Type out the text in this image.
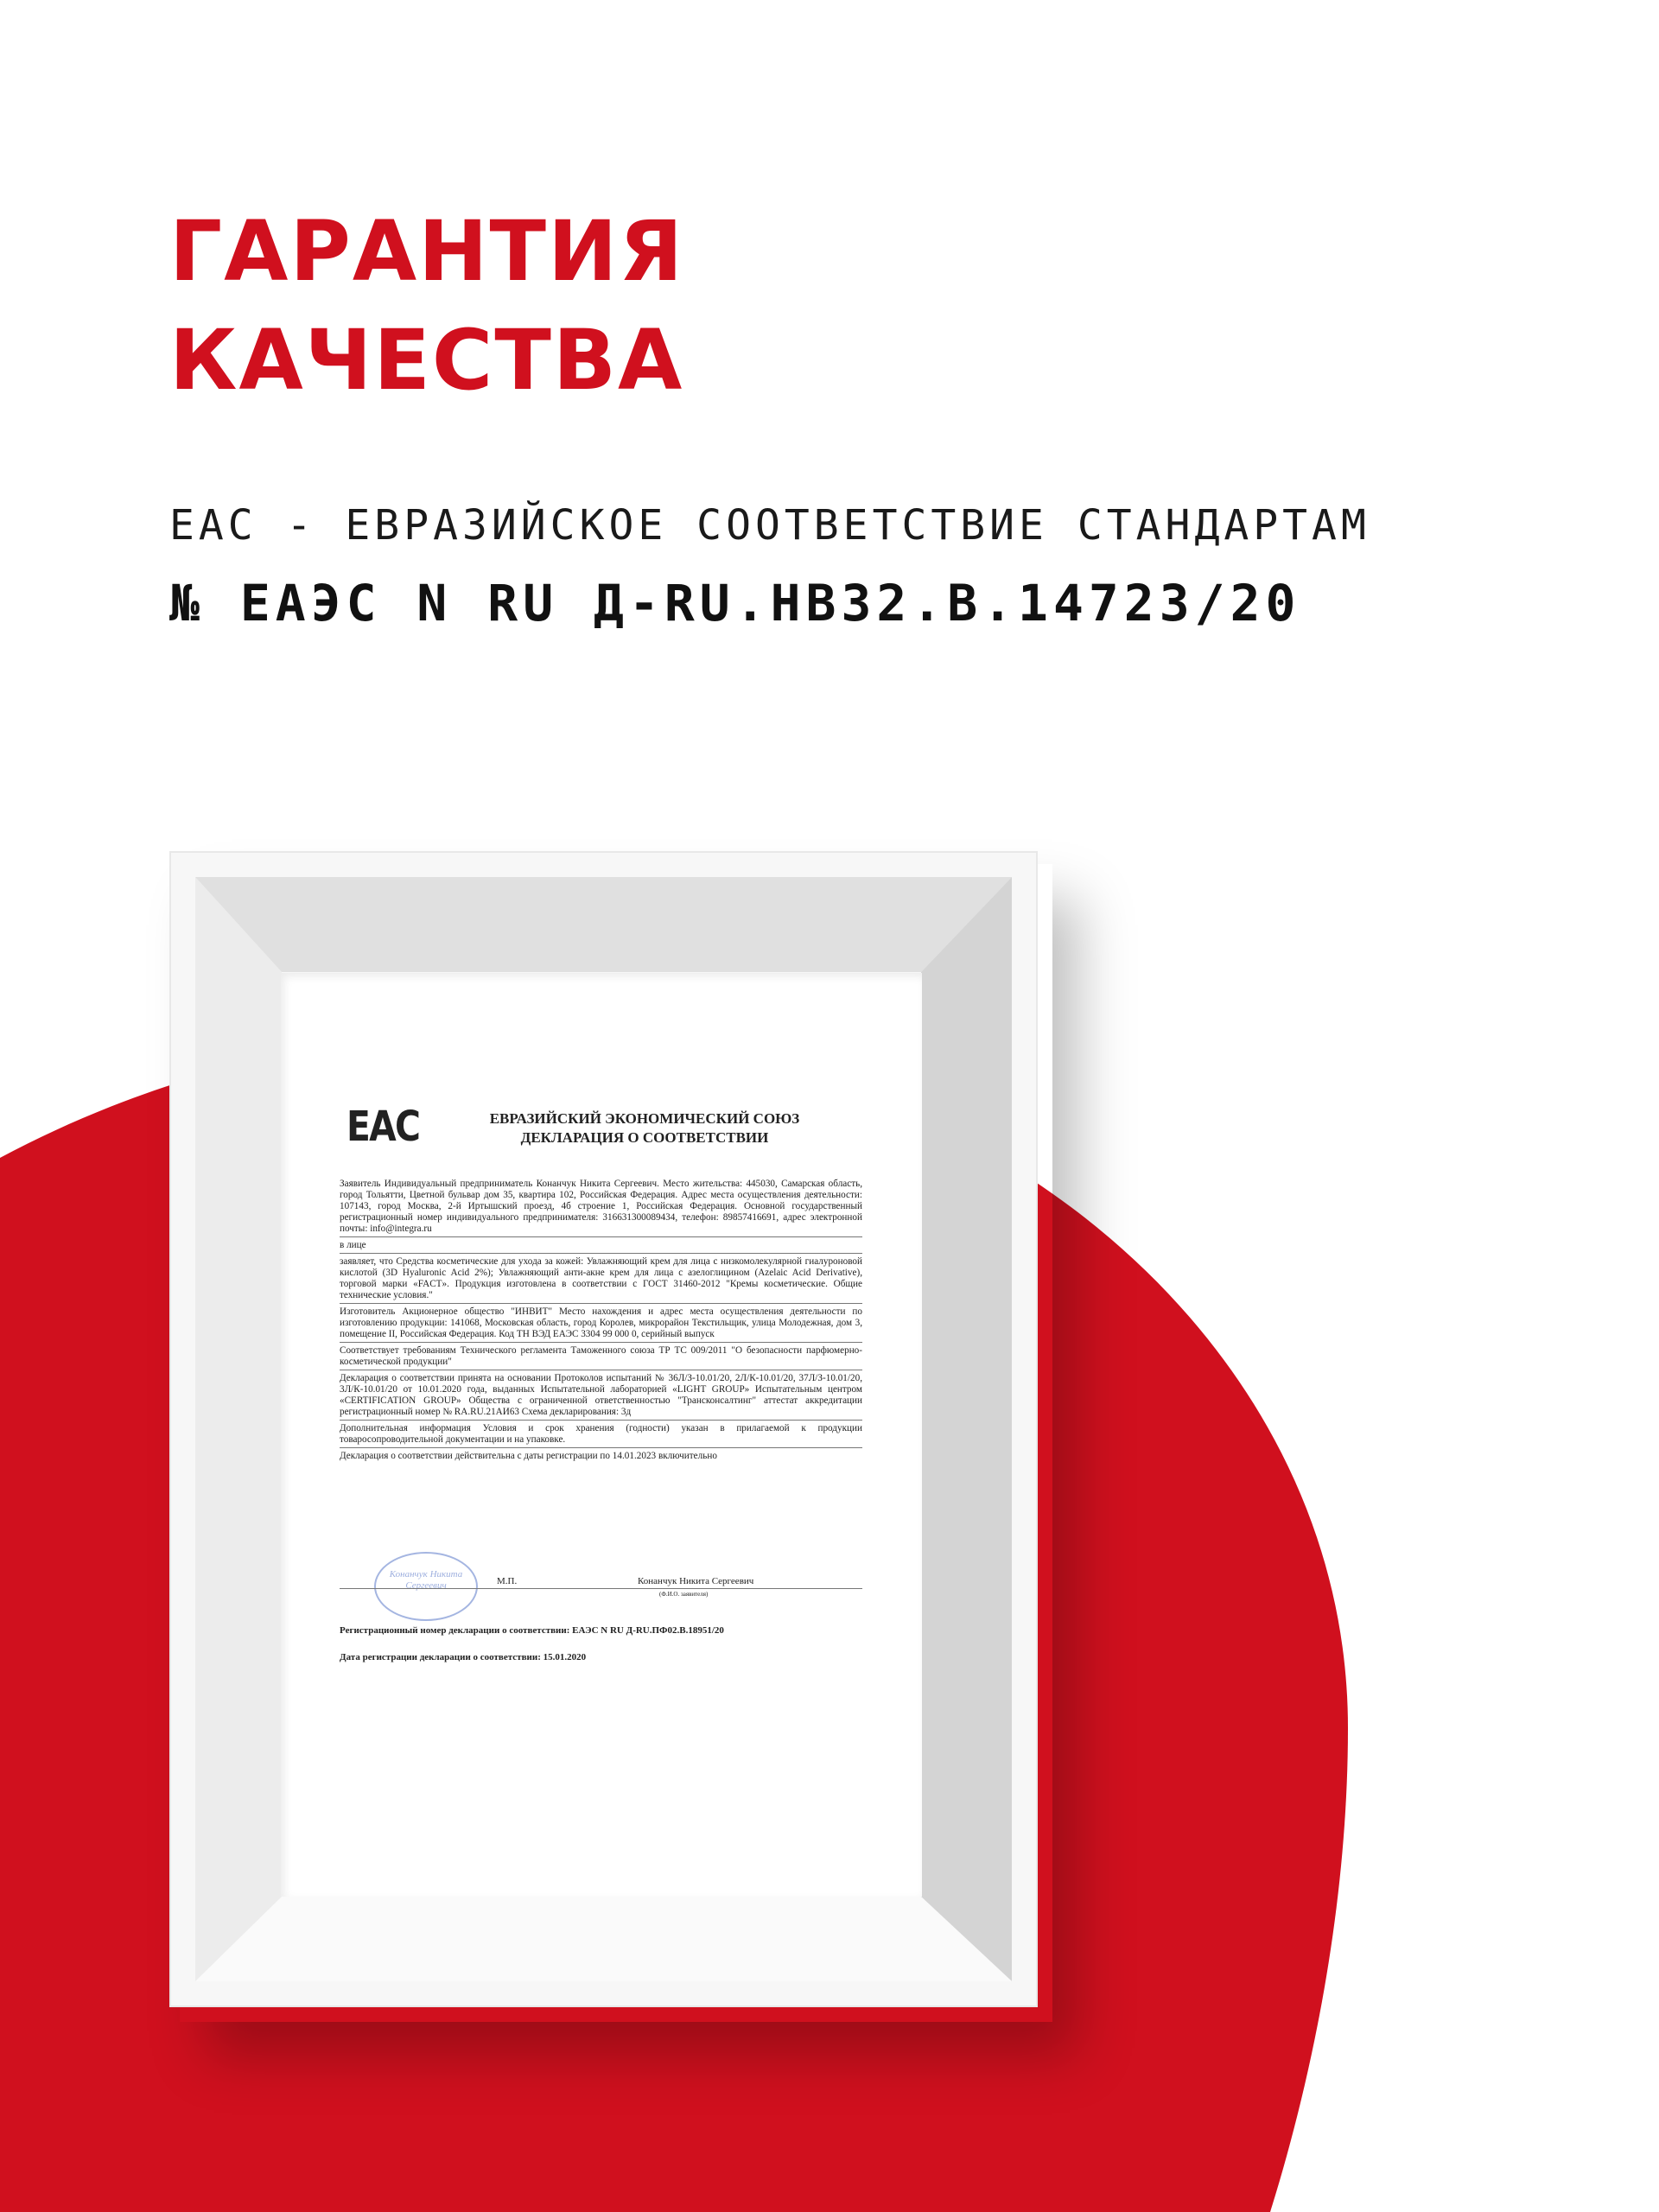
ГАРАНТИЯ
КАЧЕСТВА
ЕАС - ЕВРАЗИЙСКОЕ СООТВЕТСТВИЕ СТАНДАРТАМ
№ ЕАЭС N RU Д-RU.НВ32.В.14723/20
EAC	ЕВРАЗИЙСКИЙ ЭКОНОМИЧЕСКИЙ СОЮЗ
ДЕКЛАРАЦИЯ О СООТВЕТСТВИИ

Заявитель Индивидуальный предприниматель Конанчук Никита Сергеевич. Место жительства: 445030, Самарская область, город Тольятти, Цветной бульвар дом 35, квартира 102, Российская Федерация. Адрес места осуществления деятельности: 107143, город Москва, 2-й Иртышский проезд, 4б строение 1, Российская Федерация. Основной государственный регистрационный номер индивидуального предпринимателя: 316631300089434, телефон: 89857416691, адрес электронной почты: info@integra.ru

в лице

заявляет, что Средства косметические для ухода за кожей: Увлажняющий крем для лица с низкомолекулярной гиалуроновой кислотой (3D Hyaluronic Acid 2%); Увлажняющий анти-акне крем для лица с азелоглицином (Azelaic Acid Derivative), торговой марки «FACT». Продукция изготовлена в соответствии с ГОСТ 31460-2012 "Кремы косметические. Общие технические условия."

Изготовитель Акционерное общество "ИНВИТ" Место нахождения и адрес места осуществления деятельности по изготовлению продукции: 141068, Московская область, город Королев, микрорайон Текстильщик, улица Молодежная, дом 3, помещение II, Российская Федерация. Код ТН ВЭД ЕАЭС 3304 99 000 0, серийный выпуск

Соответствует требованиям Технического регламента Таможенного союза ТР ТС 009/2011 "О безопасности парфюмерно-косметической продукции"

Декларация о соответствии принята на основании Протоколов испытаний № 36Л/З-10.01/20, 2Л/К-10.01/20, 37Л/З-10.01/20, 3Л/К-10.01/20 от 10.01.2020 года, выданных Испытательной лабораторией «LIGHT GROUP» Испытательным центром «CERTIFICATION GROUP» Общества с ограниченной ответственностью "Трансконсалтинг" аттестат аккредитации регистрационный номер № RA.RU.21АИ63 Схема декларирования: 3д

Дополнительная информация Условия и срок хранения (годности) указан в прилагаемой к продукции товаросопроводительной документации и на упаковке.

Декларация о соответствии действительна с даты регистрации по 14.01.2023 включительно

Конанчук Никита Сергеевич	М.П.	Конанчук Никита Сергеевич
(Ф.И.О. заявителя)
Регистрационный номер декларации о соответствии: ЕАЭС N RU Д-RU.ПФ02.В.18951/20
Дата регистрации декларации о соответствии: 15.01.2020
